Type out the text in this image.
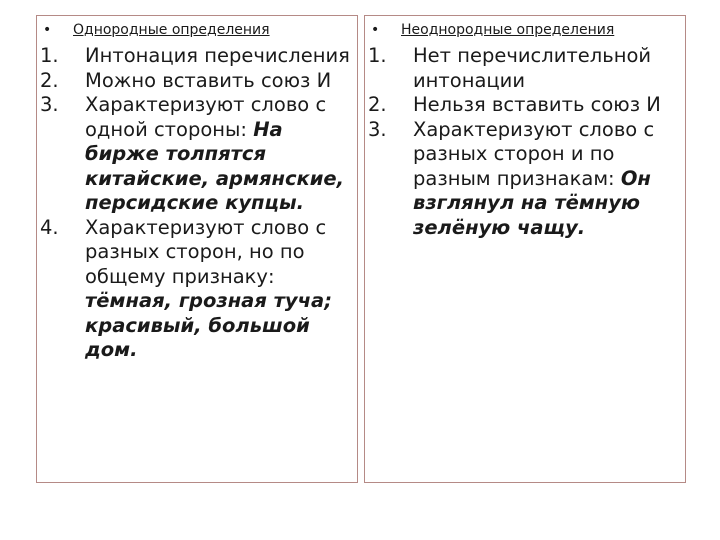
• Однородные определения
1.	Интонация перечисления
2.	Можно вставить союз И
3.	Характеризуют слово с одной стороны: На бирже толпятся китайские, армянские, персидские купцы.
4.	Характеризуют слово с разных сторон, но по общему признаку: тёмная, грозная туча; красивый, большой дом.
• Неоднородные определения
1.	Нет перечислительной интонации
2.	Нельзя вставить союз И
3.	Характеризуют слово с разных сторон и по разным признакам: Он взглянул на тёмную зелёную чащу.
